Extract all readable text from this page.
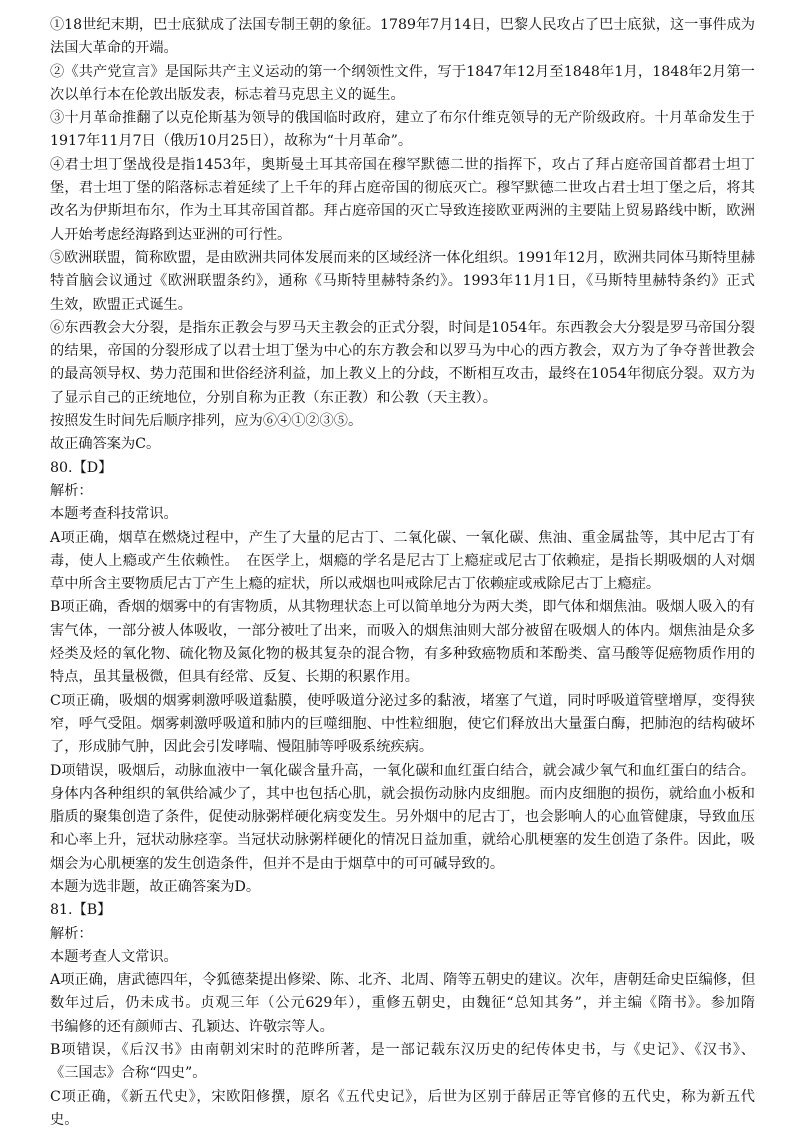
①18世纪末期，巴士底狱成了法国专制王朝的象征。1789年7月14日，巴黎人民攻占了巴士底狱，这一事件成为
法国大革命的开端。
②《共产党宣言》是国际共产主义运动的第一个纲领性文件，写于1847年12月至1848年1月，1848年2月第一
次以单行本在伦敦出版发表，标志着马克思主义的诞生。
③十月革命推翻了以克伦斯基为领导的俄国临时政府，建立了布尔什维克领导的无产阶级政府。十月革命发生于
1917年11月7日（俄历10月25日），故称为“十月革命”。
④君士坦丁堡战役是指1453年，奥斯曼土耳其帝国在穆罕默德二世的指挥下，攻占了拜占庭帝国首都君士坦丁
堡，君士坦丁堡的陷落标志着延续了上千年的拜占庭帝国的彻底灭亡。穆罕默德二世攻占君士坦丁堡之后，将其
改名为伊斯坦布尔，作为土耳其帝国首都。拜占庭帝国的灭亡导致连接欧亚两洲的主要陆上贸易路线中断，欧洲
人开始考虑经海路到达亚洲的可行性。
⑤欧洲联盟，简称欧盟，是由欧洲共同体发展而来的区域经济一体化组织。1991年12月，欧洲共同体马斯特里赫
特首脑会议通过《欧洲联盟条约》，通称《马斯特里赫特条约》。1993年11月1日，《马斯特里赫特条约》正式
生效，欧盟正式诞生。
⑥东西教会大分裂，是指东正教会与罗马天主教会的正式分裂，时间是1054年。东西教会大分裂是罗马帝国分裂
的结果，帝国的分裂形成了以君士坦丁堡为中心的东方教会和以罗马为中心的西方教会，双方为了争夺普世教会
的最高领导权、势力范围和世俗经济利益，加上教义上的分歧，不断相互攻击，最终在1054年彻底分裂。双方为
了显示自己的正统地位，分别自称为正教（东正教）和公教（天主教）。
按照发生时间先后顺序排列，应为⑥④①②③⑤。
故正确答案为C。
80.【D】
解析：
本题考查科技常识。
A项正确，烟草在燃烧过程中，产生了大量的尼古丁、二氧化碳、一氧化碳、焦油、重金属盐等，其中尼古丁有
毒，使人上瘾或产生依赖性。　在医学上，烟瘾的学名是尼古丁上瘾症或尼古丁依赖症，是指长期吸烟的人对烟
草中所含主要物质尼古丁产生上瘾的症状，所以戒烟也叫戒除尼古丁依赖症或戒除尼古丁上瘾症。
B项正确，香烟的烟雾中的有害物质，从其物理状态上可以简单地分为两大类，即气体和烟焦油。吸烟人吸入的有
害气体，一部分被人体吸收，一部分被吐了出来，而吸入的烟焦油则大部分被留在吸烟人的体内。烟焦油是众多
烃类及烃的氧化物、硫化物及氮化物的极其复杂的混合物，有多种致癌物质和苯酚类、富马酸等促癌物质作用的
特点，虽其量极微，但具有经常、反复、长期的积累作用。
C项正确，吸烟的烟雾刺激呼吸道黏膜，使呼吸道分泌过多的黏液，堵塞了气道，同时呼吸道管壁增厚，变得狭
窄，呼气受阻。烟雾刺激呼吸道和肺内的巨噬细胞、中性粒细胞，使它们释放出大量蛋白酶，把肺泡的结构破坏
了，形成肺气肿，因此会引发哮喘、慢阻肺等呼吸系统疾病。
D项错误，吸烟后，动脉血液中一氧化碳含量升高，一氧化碳和血红蛋白结合，就会减少氧气和血红蛋白的结合。
身体内各种组织的氧供给减少了，其中也包括心肌，就会损伤动脉内皮细胞。而内皮细胞的损伤，就给血小板和
脂质的聚集创造了条件，促使动脉粥样硬化病变发生。另外烟中的尼古丁，也会影响人的心血管健康，导致血压
和心率上升，冠状动脉痉挛。当冠状动脉粥样硬化的情况日益加重，就给心肌梗塞的发生创造了条件。因此，吸
烟会为心肌梗塞的发生创造条件，但并不是由于烟草中的可可碱导致的。
本题为选非题，故正确答案为D。
81.【B】
解析：
本题考查人文常识。
A项正确，唐武德四年，令狐德棻提出修梁、陈、北齐、北周、隋等五朝史的建议。次年，唐朝廷命史臣编修，但
数年过后，仍未成书。贞观三年（公元629年），重修五朝史，由魏征“总知其务”，并主编《隋书》。参加隋
书编修的还有颜师古、孔颖达、许敬宗等人。
B项错误，《后汉书》由南朝刘宋时的范晔所著，是一部记载东汉历史的纪传体史书，与《史记》、《汉书》、
《三国志》合称“四史”。
C项正确，《新五代史》，宋欧阳修撰，原名《五代史记》，后世为区别于薛居正等官修的五代史，称为新五代
史。
